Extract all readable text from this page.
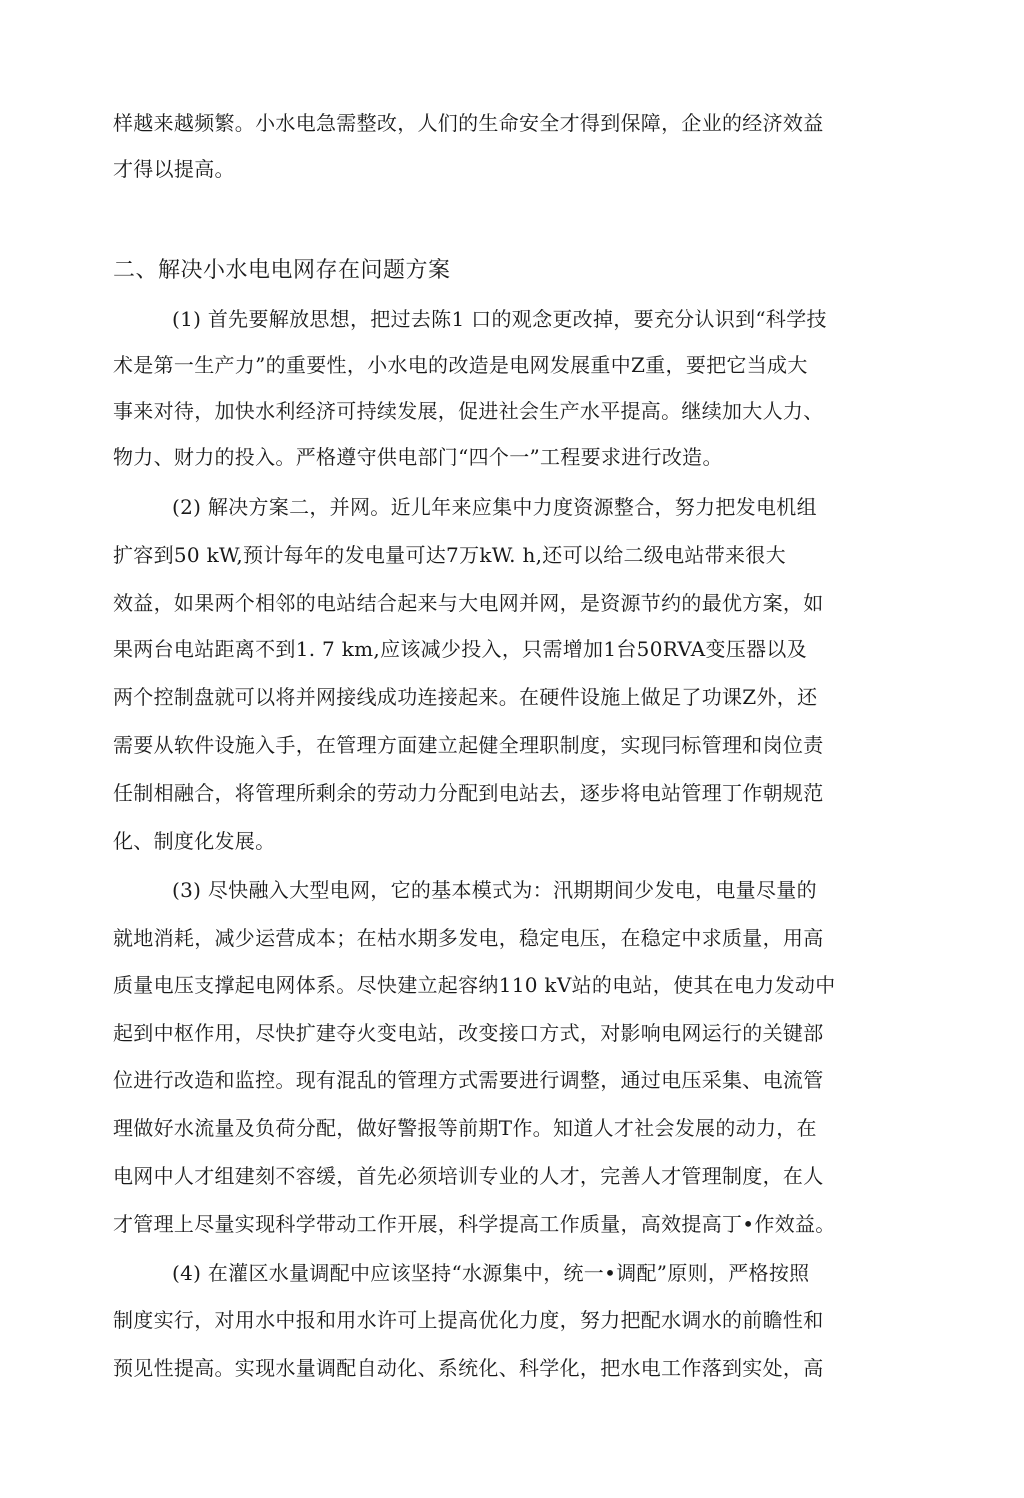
样越来越频繁。小水电急需整改，人们的生命安全才得到保障，企业的经济效益
才得以提高。
二、解决小水电电网存在问题方案
(1) 首先要解放思想，把过去陈1 口的观念更改掉，要充分认识到“科学技
术是第一生产力”的重要性，小水电的改造是电网发展重中Z重，要把它当成大
事来对待，加快水利经济可持续发展，促进社会生产水平提高。继续加大人力、
物力、财力的投入。严格遵守供电部门“四个一”工程要求进行改造。
(2) 解决方案二，并网。近儿年来应集中力度资源整合，努力把发电机组
扩容到50 kW,预计每年的发电量可达7万kW. h,还可以给二级电站带来很大
效益，如果两个相邻的电站结合起来与大电网并网，是资源节约的最优方案，如
果两台电站距离不到1. 7 km,应该减少投入，只需增加1台50RVA变压器以及
两个控制盘就可以将并网接线成功连接起来。在硬件设施上做足了功课Z外，还
需要从软件设施入手，在管理方面建立起健全理职制度，实现冃标管理和岗位责
任制相融合，将管理所剩余的劳动力分配到电站去，逐步将电站管理丁作朝规范
化、制度化发展。
(3) 尽快融入大型电网，它的基本模式为：汛期期间少发电，电量尽量的
就地消耗，减少运营成本；在枯水期多发电，稳定电压，在稳定中求质量，用高
质量电压支撑起电网体系。尽快建立起容纳110 kV站的电站，使其在电力发动中
起到中枢作用，尽快扩建夺火变电站，改变接口方式，对影响电网运行的关键部
位进行改造和监控。现有混乱的管理方式需要进行调整，通过电压采集、电流管
理做好水流量及负荷分配，做好警报等前期T作。知道人才社会发展的动力，在
电网中人才组建刻不容缓，首先必须培训专业的人才，完善人才管理制度，在人
才管理上尽量实现科学带动工作开展，科学提高工作质量，高效提高丁•作效益。
(4) 在灌区水量调配中应该坚持“水源集中，统一•调配”原则，严格按照
制度实行，对用水中报和用水许可上提高优化力度，努力把配水调水的前瞻性和
预见性提高。实现水量调配自动化、系统化、科学化，把水电工作落到实处，高
